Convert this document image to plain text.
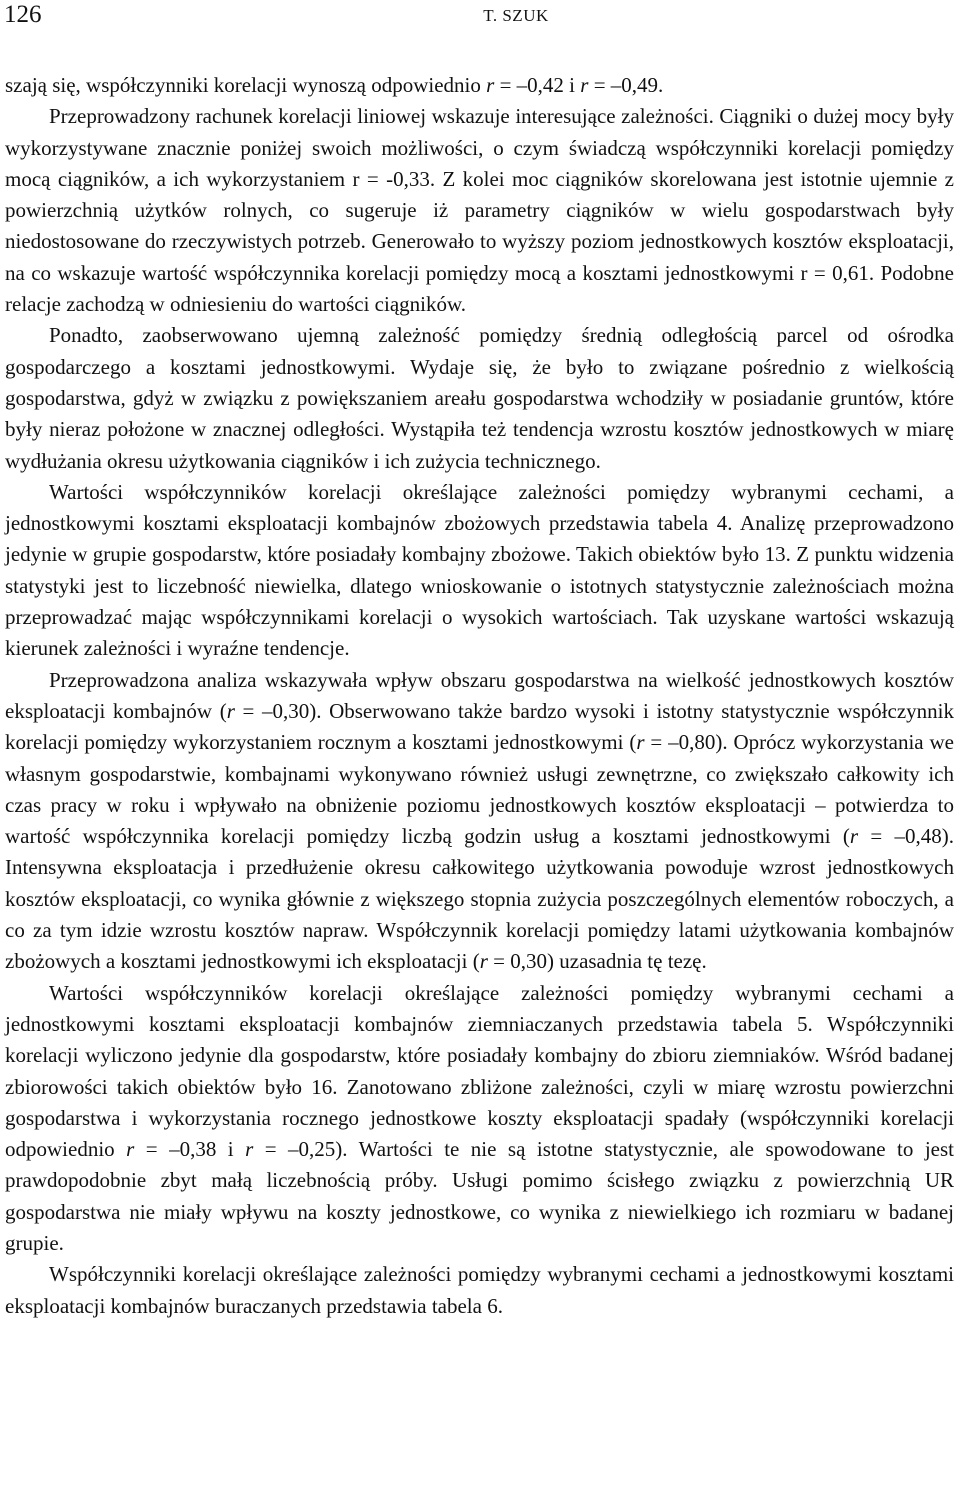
126	T. SZUK

szają się, współczynniki korelacji wynoszą odpowiednio r = –0,42 i r = –0,49.

Przeprowadzony rachunek korelacji liniowej wskazuje interesujące zależności. Ciągniki o dużej mocy były wykorzystywane znacznie poniżej swoich możliwości, o czym świadczą współczynniki korelacji pomiędzy mocą ciągników, a ich wykorzystaniem r = -0,33. Z kolei moc ciągników skorelowana jest istotnie ujemnie z powierzchnią użytków rolnych, co sugeruje iż parametry ciągników w wielu gospodarstwach były niedostosowane do rzeczywistych potrzeb. Generowało to wyższy poziom jednostkowych kosztów eksploatacji, na co wskazuje wartość współczynnika korelacji pomiędzy mocą a kosztami jednostkowymi r = 0,61. Podobne relacje zachodzą w odniesieniu do wartości ciągników.

Ponadto, zaobserwowano ujemną zależność pomiędzy średnią odległością parcel od ośrodka gospodarczego a kosztami jednostkowymi. Wydaje się, że było to związane pośrednio z wielkością gospodarstwa, gdyż w związku z powiększaniem areału gospodarstwa wchodziły w posiadanie gruntów, które były nieraz położone w znacznej odległości. Wystąpiła też tendencja wzrostu kosztów jednostkowych w miarę wydłużania okresu użytkowania ciągników i ich zużycia technicznego.

Wartości współczynników korelacji określające zależności pomiędzy wybranymi cechami, a jednostkowymi kosztami eksploatacji kombajnów zbożowych przedstawia tabela 4. Analizę przeprowadzono jedynie w grupie gospodarstw, które posiadały kombajny zbożowe. Takich obiektów było 13. Z punktu widzenia statystyki jest to liczebność niewielka, dlatego wnioskowanie o istotnych statystycznie zależnościach można przeprowadzać mając współczynnikami korelacji o wysokich wartościach. Tak uzyskane wartości wskazują kierunek zależności i wyraźne tendencje.

Przeprowadzona analiza wskazywała wpływ obszaru gospodarstwa na wielkość jednostkowych kosztów eksploatacji kombajnów (r = –0,30). Obserwowano także bardzo wysoki i istotny statystycznie współczynnik korelacji pomiędzy wykorzystaniem rocznym a kosztami jednostkowymi (r = –0,80). Oprócz wykorzystania we własnym gospodarstwie, kombajnami wykonywano również usługi zewnętrzne, co zwiększało całkowity ich czas pracy w roku i wpływało na obniżenie poziomu jednostkowych kosztów eksploatacji – potwierdza to wartość współczynnika korelacji pomiędzy liczbą godzin usług a kosztami jednostkowymi (r = –0,48). Intensywna eksploatacja i przedłużenie okresu całkowitego użytkowania powoduje wzrost jednostkowych kosztów eksploatacji, co wynika głównie z większego stopnia zużycia poszczególnych elementów roboczych, a co za tym idzie wzrostu kosztów napraw. Współczynnik korelacji pomiędzy latami użytkowania kombajnów zbożowych a kosztami jednostkowymi ich eksploatacji (r = 0,30) uzasadnia tę tezę.

Wartości współczynników korelacji określające zależności pomiędzy wybranymi cechami a jednostkowymi kosztami eksploatacji kombajnów ziemniaczanych przedstawia tabela 5. Współczynniki korelacji wyliczono jedynie dla gospodarstw, które posiadały kombajny do zbioru ziemniaków. Wśród badanej zbiorowości takich obiektów było 16. Zanotowano zbliżone zależności, czyli w miarę wzrostu powierzchni gospodarstwa i wykorzystania rocznego jednostkowe koszty eksploatacji spadały (współczynniki korelacji odpowiednio r = –0,38 i r = –0,25). Wartości te nie są istotne statystycznie, ale spowodowane to jest prawdopodobnie zbyt małą liczebnością próby. Usługi pomimo ścisłego związku z powierzchnią UR gospodarstwa nie miały wpływu na koszty jednostkowe, co wynika z niewielkiego ich rozmiaru w badanej grupie.

Współczynniki korelacji określające zależności pomiędzy wybranymi cechami a jednostkowymi kosztami eksploatacji kombajnów buraczanych przedstawia tabela 6.
